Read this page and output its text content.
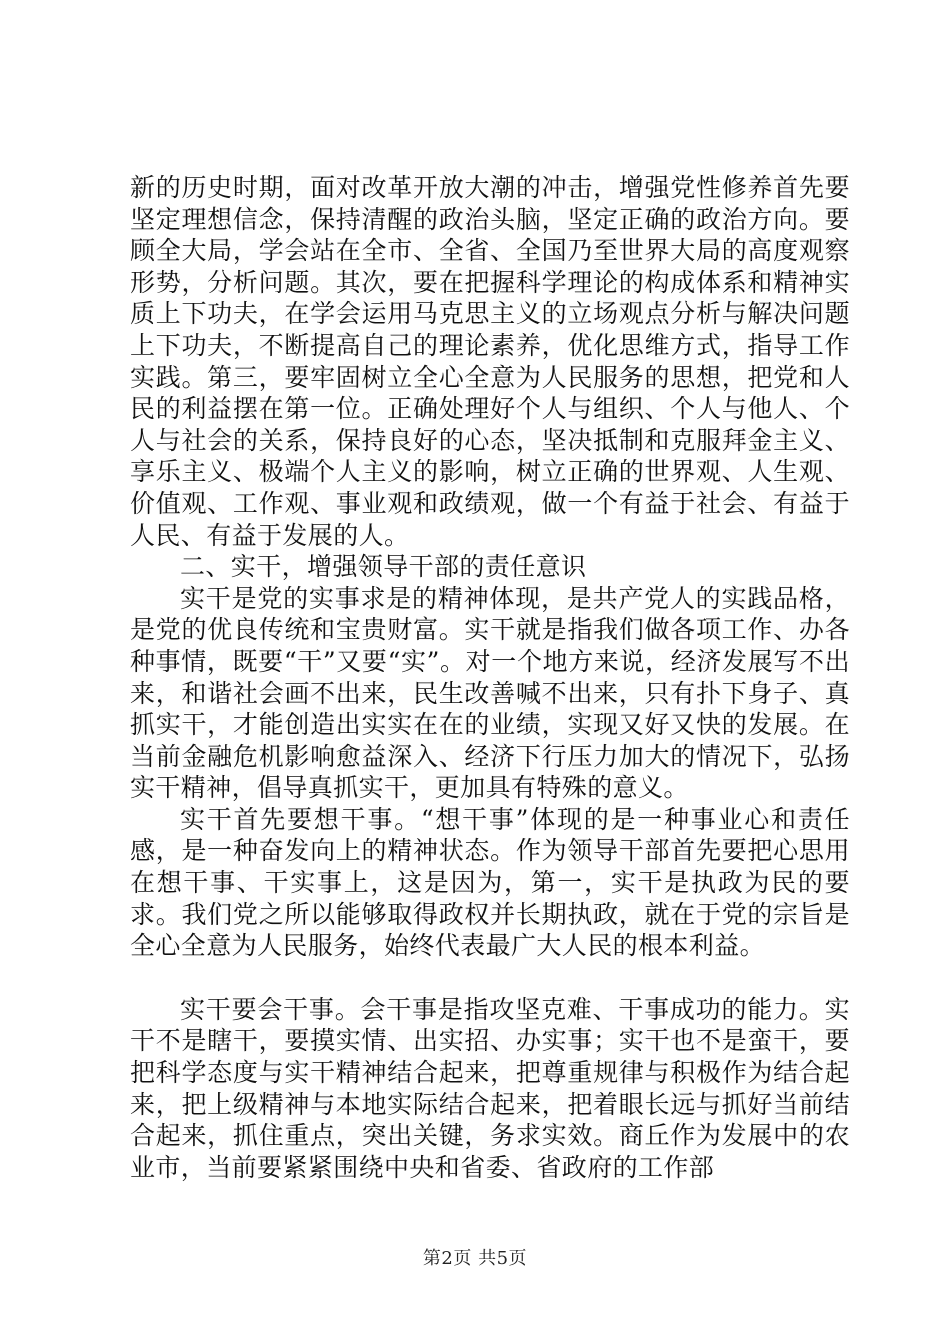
新的历史时期，面对改革开放大潮的冲击，增强党性修养首先要坚定理想信念，保持清醒的政治头脑，坚定正确的政治方向。要顾全大局，学会站在全市、全省、全国乃至世界大局的高度观察形势，分析问题。其次，要在把握科学理论的构成体系和精神实质上下功夫，在学会运用马克思主义的立场观点分析与解决问题上下功夫，不断提高自己的理论素养，优化思维方式，指导工作实践。第三，要牢固树立全心全意为人民服务的思想，把党和人民的利益摆在第一位。正确处理好个人与组织、个人与他人、个人与社会的关系，保持良好的心态，坚决抵制和克服拜金主义、享乐主义、极端个人主义的影响，树立正确的世界观、人生观、价值观、工作观、事业观和政绩观，做一个有益于社会、有益于人民、有益于发展的人。

二、实干，增强领导干部的责任意识

实干是党的实事求是的精神体现，是共产党人的实践品格，是党的优良传统和宝贵财富。实干就是指我们做各项工作、办各种事情，既要“干”又要“实”。对一个地方来说，经济发展写不出来，和谐社会画不出来，民生改善喊不出来，只有扑下身子、真抓实干，才能创造出实实在在的业绩，实现又好又快的发展。在当前金融危机影响愈益深入、经济下行压力加大的情况下，弘扬实干精神，倡导真抓实干，更加具有特殊的意义。

实干首先要想干事。“想干事”体现的是一种事业心和责任感，是一种奋发向上的精神状态。作为领导干部首先要把心思用在想干事、干实事上，这是因为，第一，实干是执政为民的要求。我们党之所以能够取得政权并长期执政，就在于党的宗旨是全心全意为人民服务，始终代表最广大人民的根本利益。

实干要会干事。会干事是指攻坚克难、干事成功的能力。实干不是瞎干，要摸实情、出实招、办实事；实干也不是蛮干，要把科学态度与实干精神结合起来，把尊重规律与积极作为结合起来，把上级精神与本地实际结合起来，把着眼长远与抓好当前结合起来，抓住重点，突出关键，务求实效。商丘作为发展中的农业市，当前要紧紧围绕中央和省委、省政府的工作部

第2页 共5页
